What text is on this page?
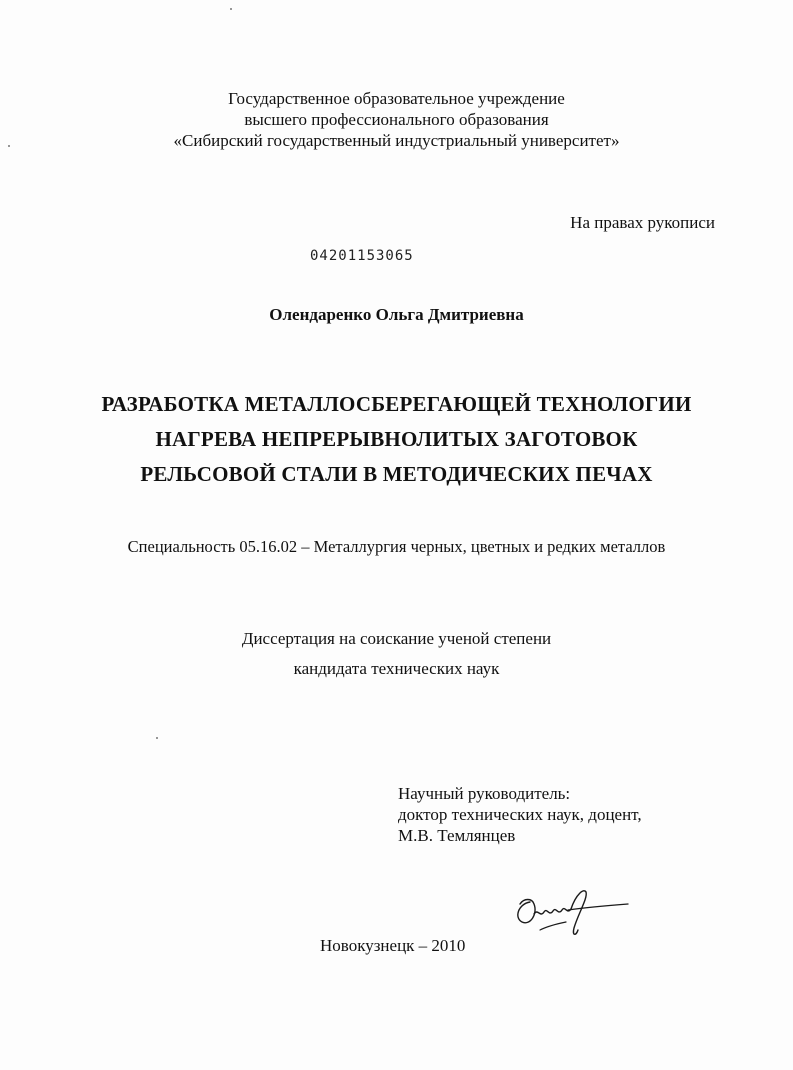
Государственное образовательное учреждение
высшего профессионального образования
«Сибирский государственный индустриальный университет»
На правах рукописи
04201153065
Олендаренко Ольга Дмитриевна
РАЗРАБОТКА МЕТАЛЛОСБЕРЕГАЮЩЕЙ ТЕХНОЛОГИИ
НАГРЕВА НЕПРЕРЫВНОЛИТЫХ ЗАГОТОВОК
РЕЛЬСОВОЙ СТАЛИ В МЕТОДИЧЕСКИХ ПЕЧАХ
Специальность 05.16.02 – Металлургия черных, цветных и редких металлов
Диссертация на соискание ученой степени
кандидата технических наук
Научный руководитель:
доктор технических наук, доцент,
М.В. Темлянцев
Новокузнецк – 2010
